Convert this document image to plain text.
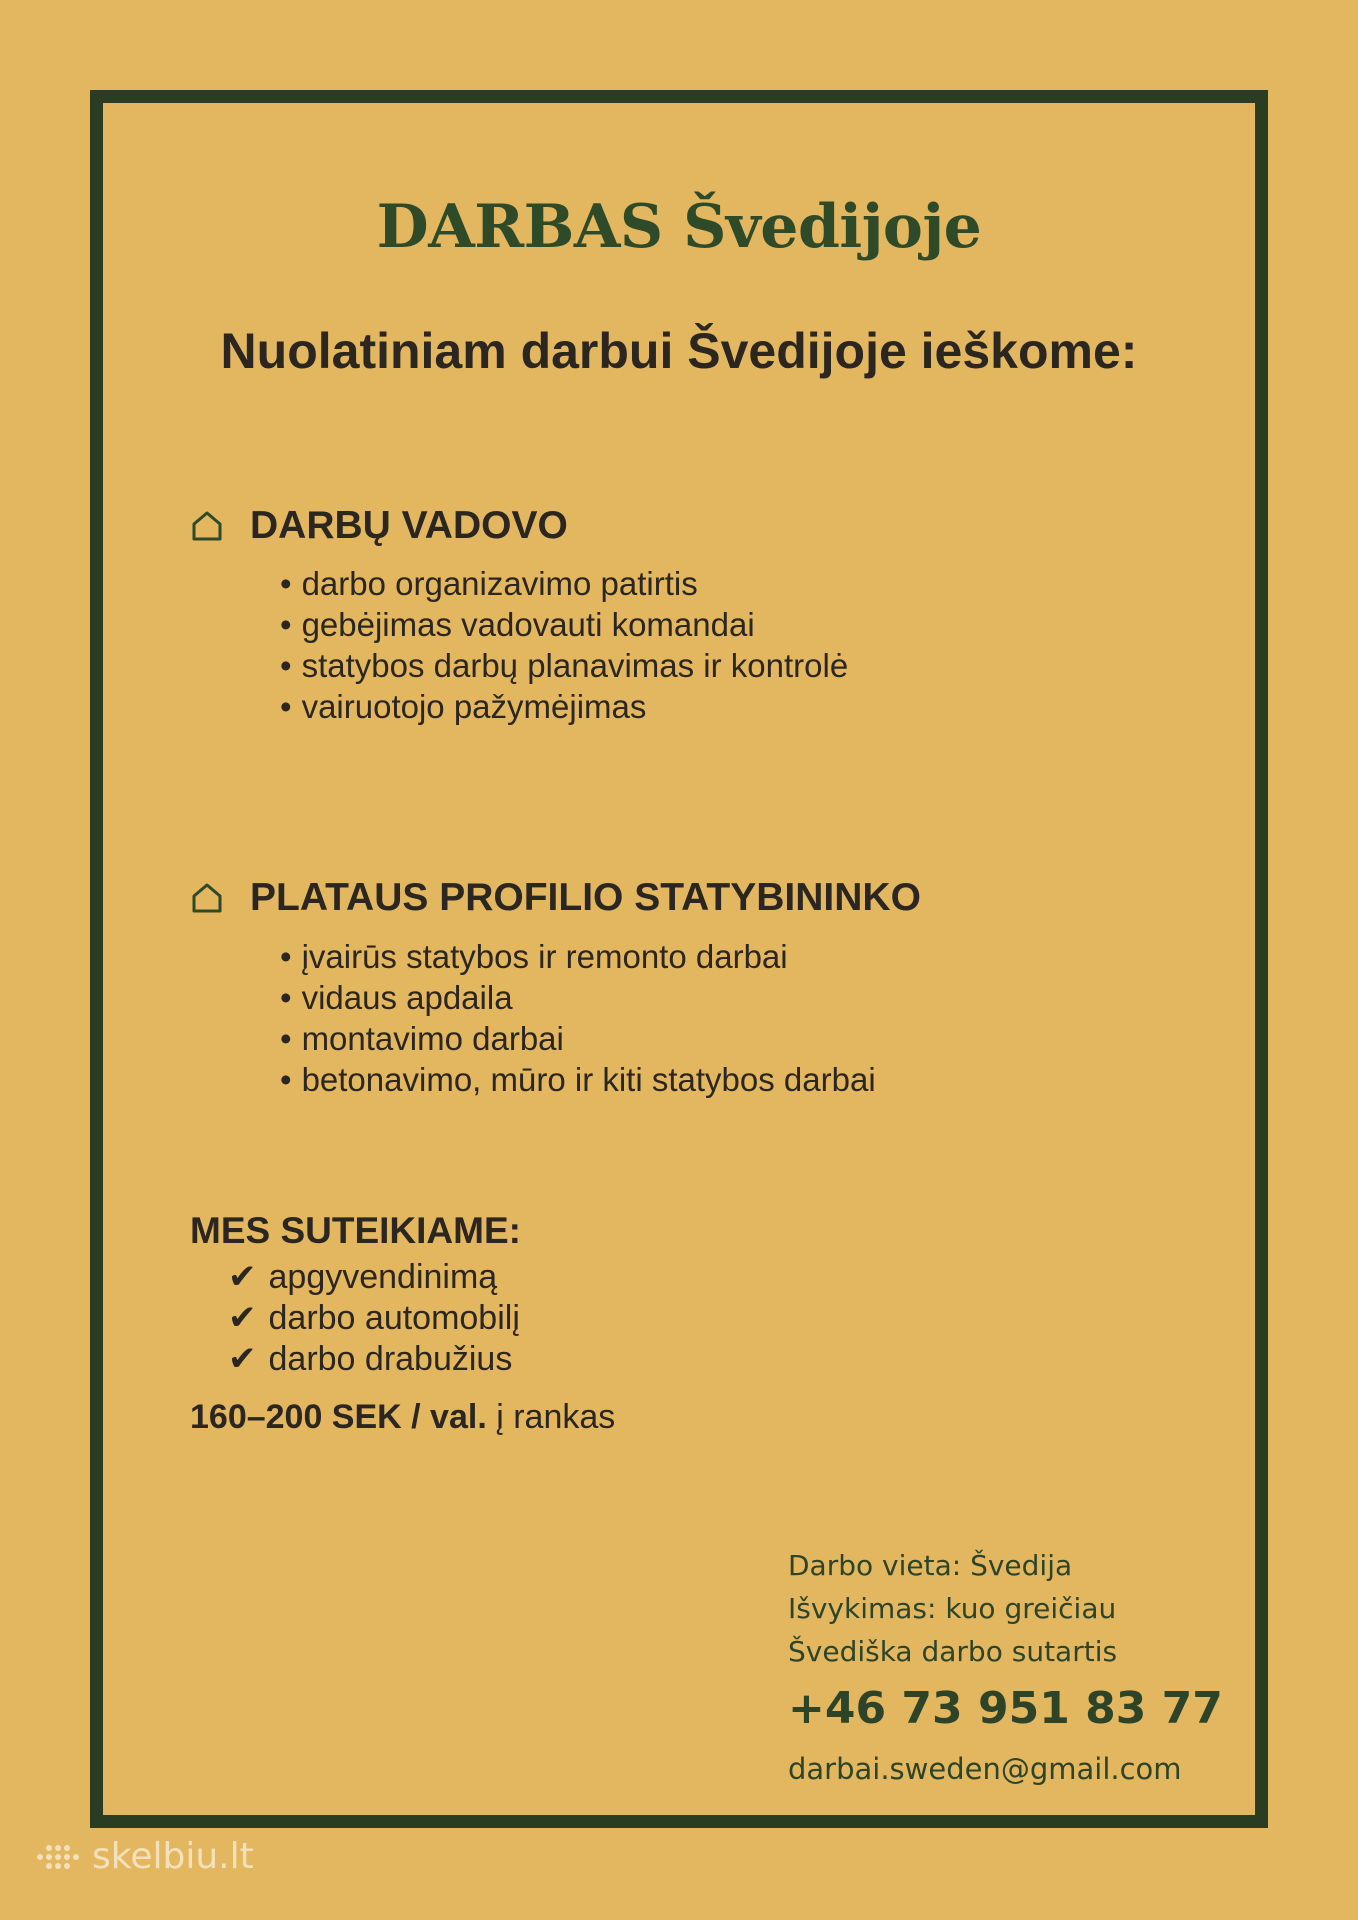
DARBAS Švedijoje
Nuolatiniam darbui Švedijoje ieškome:
DARBŲ VADOVO
• darbo organizavimo patirtis
• gebėjimas vadovauti komandai
• statybos darbų planavimas ir kontrolė
• vairuotojo pažymėjimas
PLATAUS PROFILIO STATYBININKO
• įvairūs statybos ir remonto darbai
• vidaus apdaila
• montavimo darbai
• betonavimo, mūro ir kiti statybos darbai
MES SUTEIKIAME:
✔ apgyvendinimą
✔ darbo automobilį
✔ darbo drabužius
160–200 SEK / val. į rankas
Darbo vieta: Švedija
Išvykimas: kuo greičiau
Švediška darbo sutartis
+46 73 951 83 77
darbai.sweden@gmail.com
skelbiu.lt
